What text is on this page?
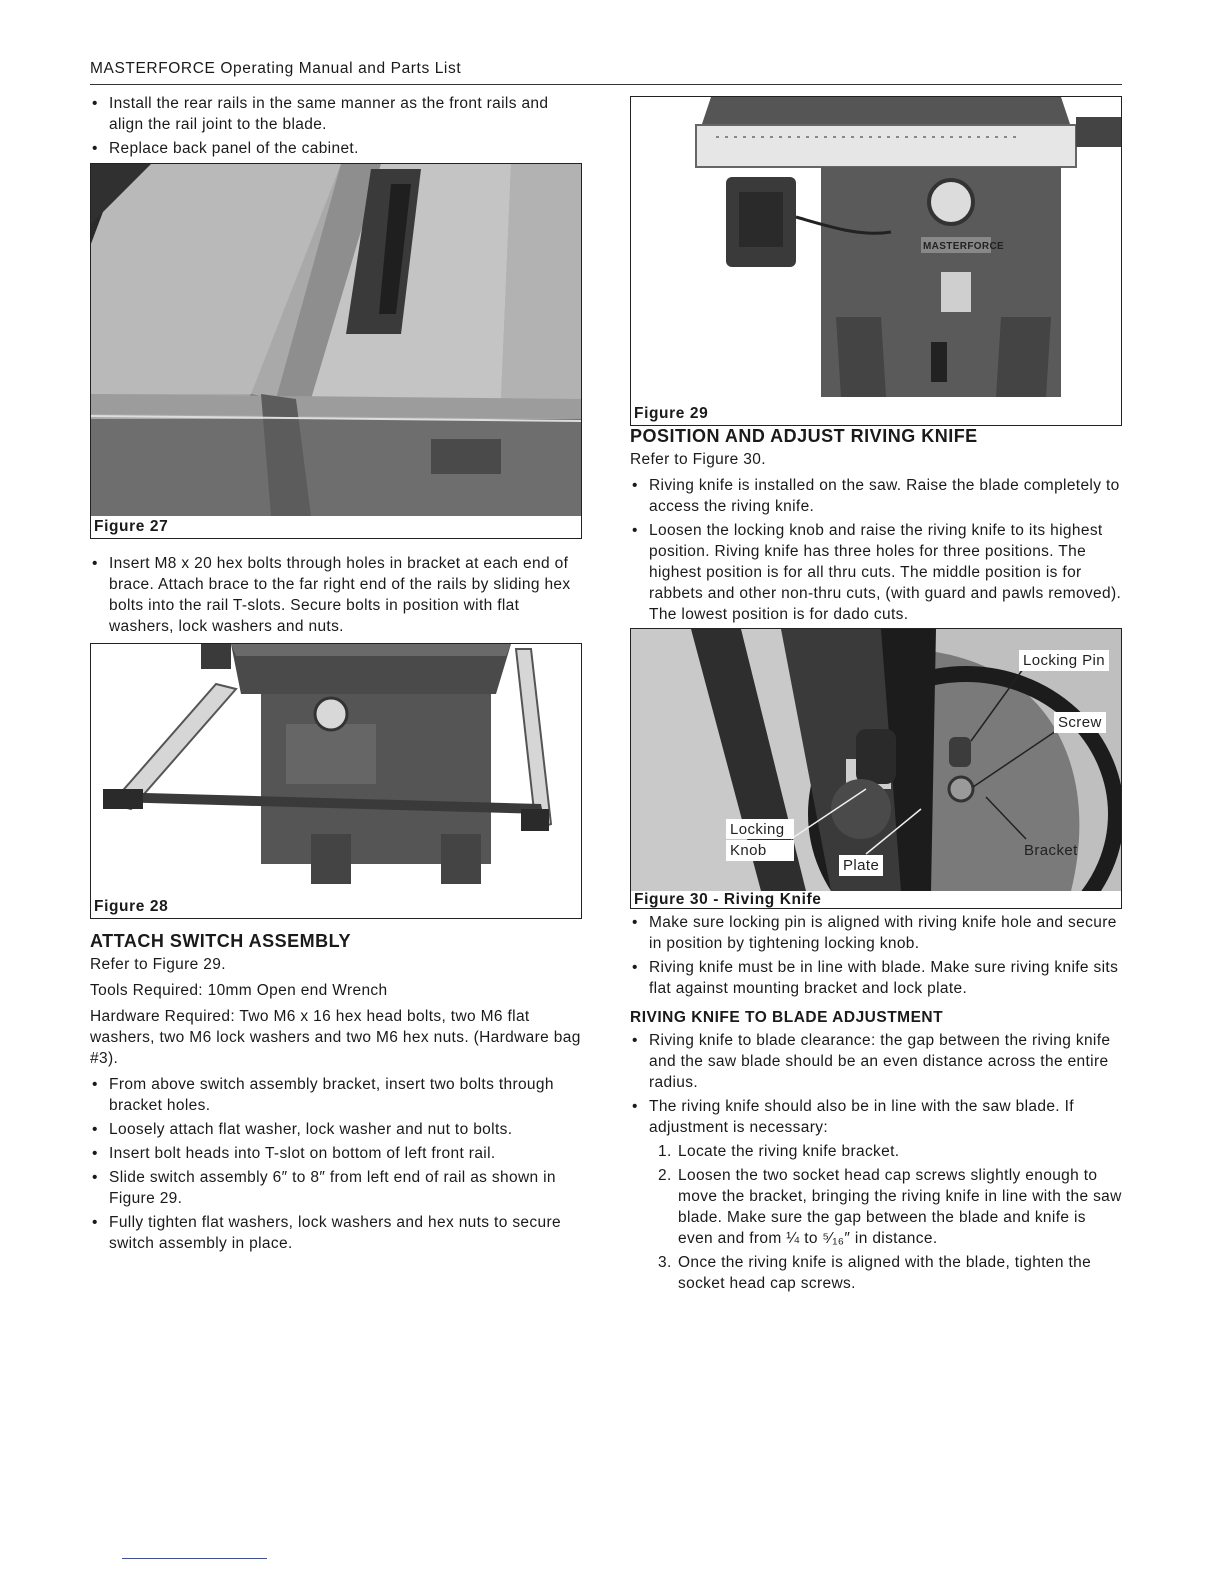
MASTERFORCE Operating Manual and Parts List
• Install the rear rails in the same manner as the front rails and align the rail joint to the blade.
• Replace back panel of the cabinet.
Figure 27
• Insert M8 x 20 hex bolts through holes in bracket at each end of brace. Attach brace to the far right end of the rails by sliding hex bolts into the rail T-slots. Secure bolts in position with flat washers, lock washers and nuts.
Figure 28
ATTACH SWITCH ASSEMBLY

Refer to Figure 29.

Tools Required: 10mm Open end Wrench

Hardware Required: Two M6 x 16 hex head bolts, two M6 flat washers, two M6 lock washers and two M6 hex nuts. (Hardware bag #3).

• From above switch assembly bracket, insert two bolts through bracket holes.
• Loosely attach flat washer, lock washer and nut to bolts.
• Insert bolt heads into T-slot on bottom of left front rail.
• Slide switch assembly 6″ to 8″ from left end of rail as shown in Figure 29.
• Fully tighten flat washers, lock washers and hex nuts to secure switch assembly in place.
MASTERFORCE
Figure 29
POSITION AND ADJUST RIVING KNIFE

Refer to Figure 30.

• Riving knife is installed on the saw. Raise the blade completely to access the riving knife.
• Loosen the locking knob and raise the riving knife to its highest position. Riving knife has three holes for three positions. The highest position is for all thru cuts. The middle position is for rabbets and other non-thru cuts, (with guard and pawls removed). The lowest position is for dado cuts.
Locking Pin
Screw
Locking
Knob	Bracket
Plate
Figure 30 - Riving Knife
• Make sure locking pin is aligned with riving knife hole and secure in position by tightening locking knob.
• Riving knife must be in line with blade. Make sure riving knife sits flat against mounting bracket and lock plate.
RIVING KNIFE TO BLADE ADJUSTMENT
• Riving knife to blade clearance: the gap between the riving knife and the saw blade should be an even distance across the entire radius.
• The riving knife should also be in line with the saw blade. If adjustment is necessary:
1. Locate the riving knife bracket.
2. Loosen the two socket head cap screws slightly enough to move the bracket, bringing the riving knife in line with the saw blade. Make sure the gap between the blade and knife is even and from ¼ to ⁵⁄₁₆″ in distance.
3. Once the riving knife is aligned with the blade, tighten the socket head cap screws.
